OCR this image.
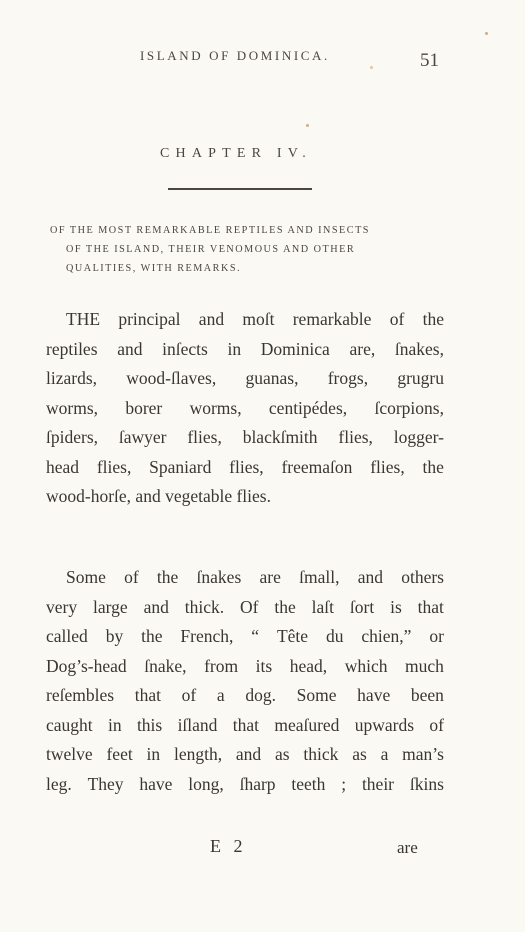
ISLAND OF DOMINICA.	51
CHAPTER IV.
OF THE MOST REMARKABLE REPTILES AND INSECTS
OF THE ISLAND, THEIR VENOMOUS AND OTHER
QUALITIES, WITH REMARKS.
THE principal and moſt remarkable of the
reptiles and inſects in Dominica are, ſnakes,
lizards, wood-ſlaves, guanas, frogs, grugru
worms, borer worms, centipédes, ſcorpions,
ſpiders, ſawyer flies, blackſmith flies, logger-
head flies, Spaniard flies, freemaſon flies, the
wood-horſe, and vegetable flies.
Some of the ſnakes are ſmall, and others
very large and thick. Of the laſt ſort is that
called by the French, “ Tête du chien,” or
Dog’s-head ſnake, from its head, which much
reſembles that of a dog. Some have been
caught in this iſland that meaſured upwards of
twelve feet in length, and as thick as a man’s
leg. They have long, ſharp teeth ; their ſkins
E 2	are
